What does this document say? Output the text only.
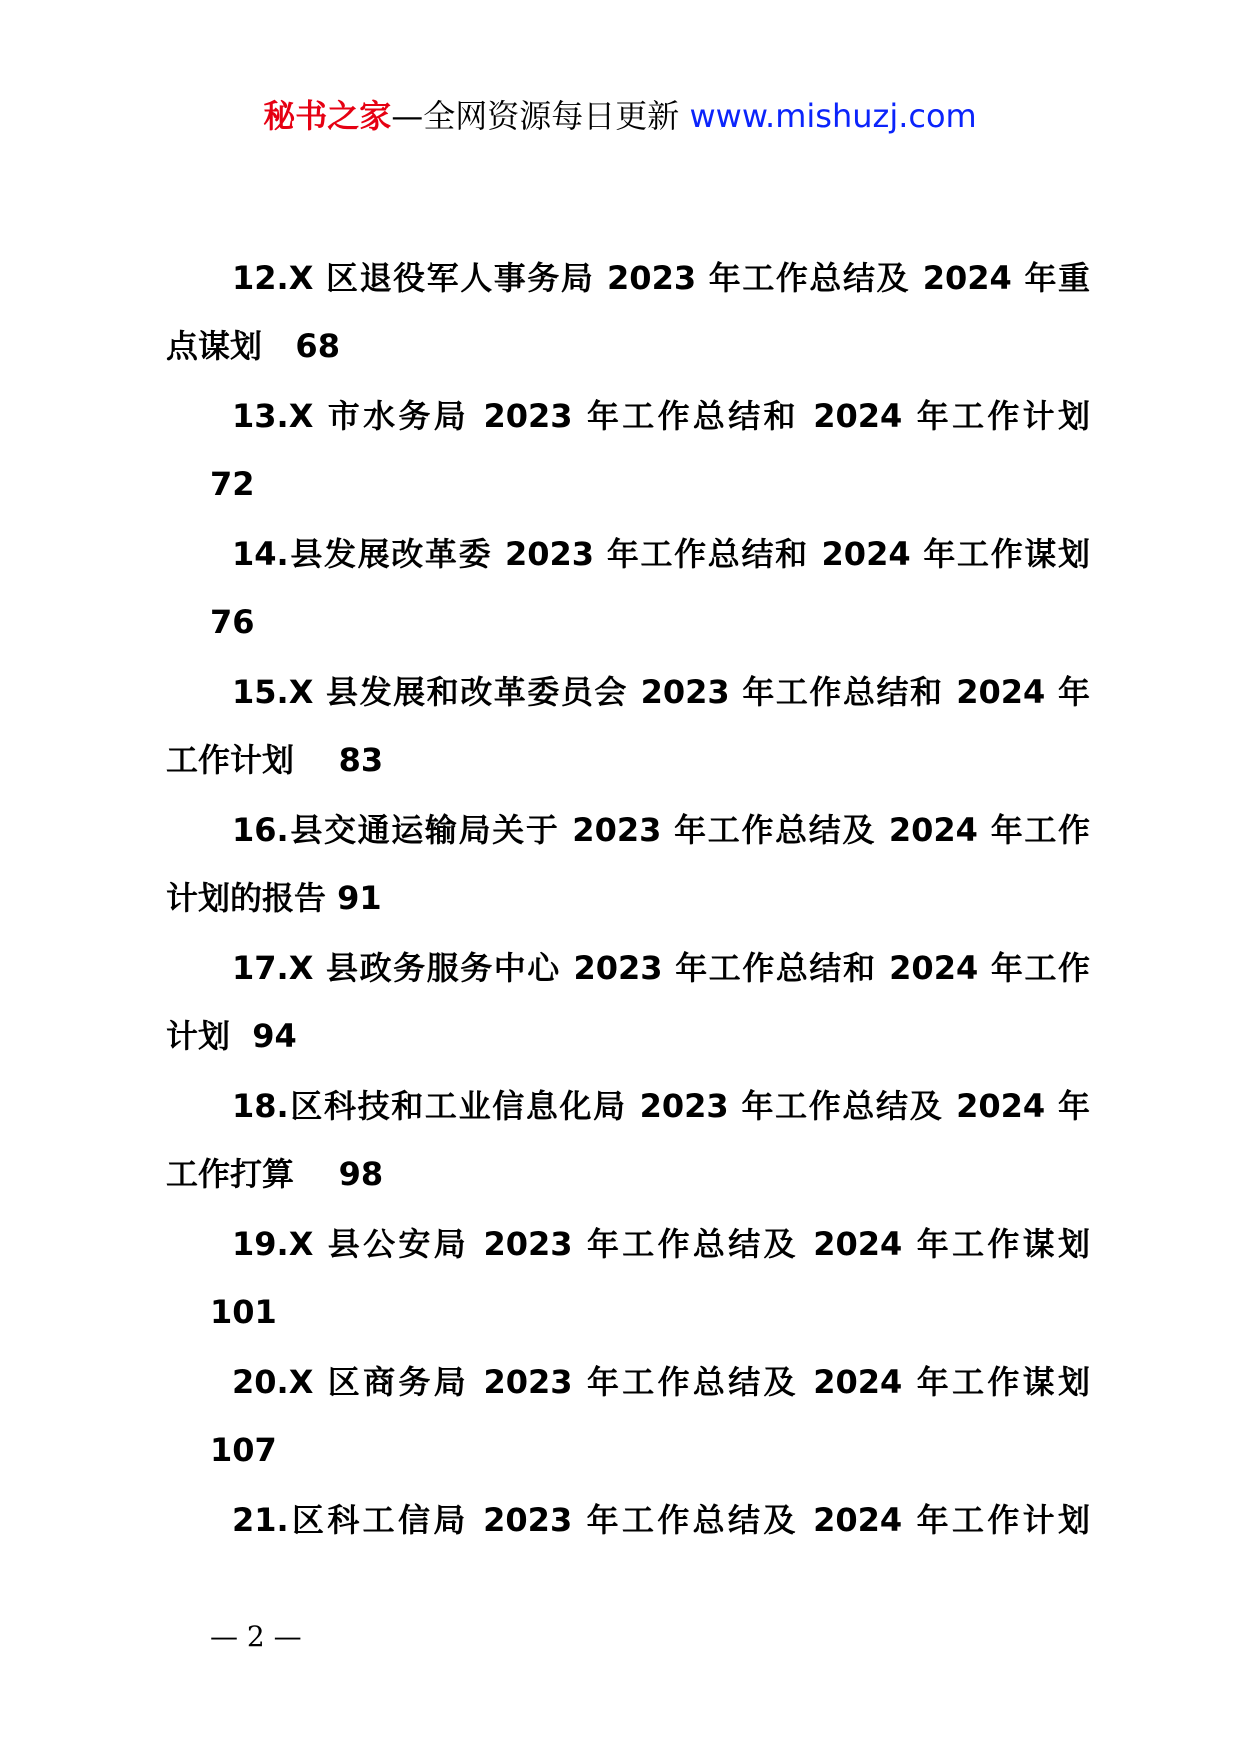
秘书之家—全网资源每日更新 www.mishuzj.com
12.X 区退役军人事务局 2023 年工作总结及 2024 年重
点谋划   68
13.X 市水务局 2023 年工作总结和 2024 年工作计划
72
14.县发展改革委 2023 年工作总结和 2024 年工作谋划
76
15.X 县发展和改革委员会 2023 年工作总结和 2024 年
工作计划    83
16.县交通运输局关于 2023 年工作总结及 2024 年工作
计划的报告 91
17.X 县政务服务中心 2023 年工作总结和 2024 年工作
计划  94
18.区科技和工业信息化局 2023 年工作总结及 2024 年
工作打算    98
19.X 县公安局 2023 年工作总结及 2024 年工作谋划
101
20.X 区商务局 2023 年工作总结及 2024 年工作谋划
107
21.区科工信局 2023 年工作总结及 2024 年工作计划
— 2 —
